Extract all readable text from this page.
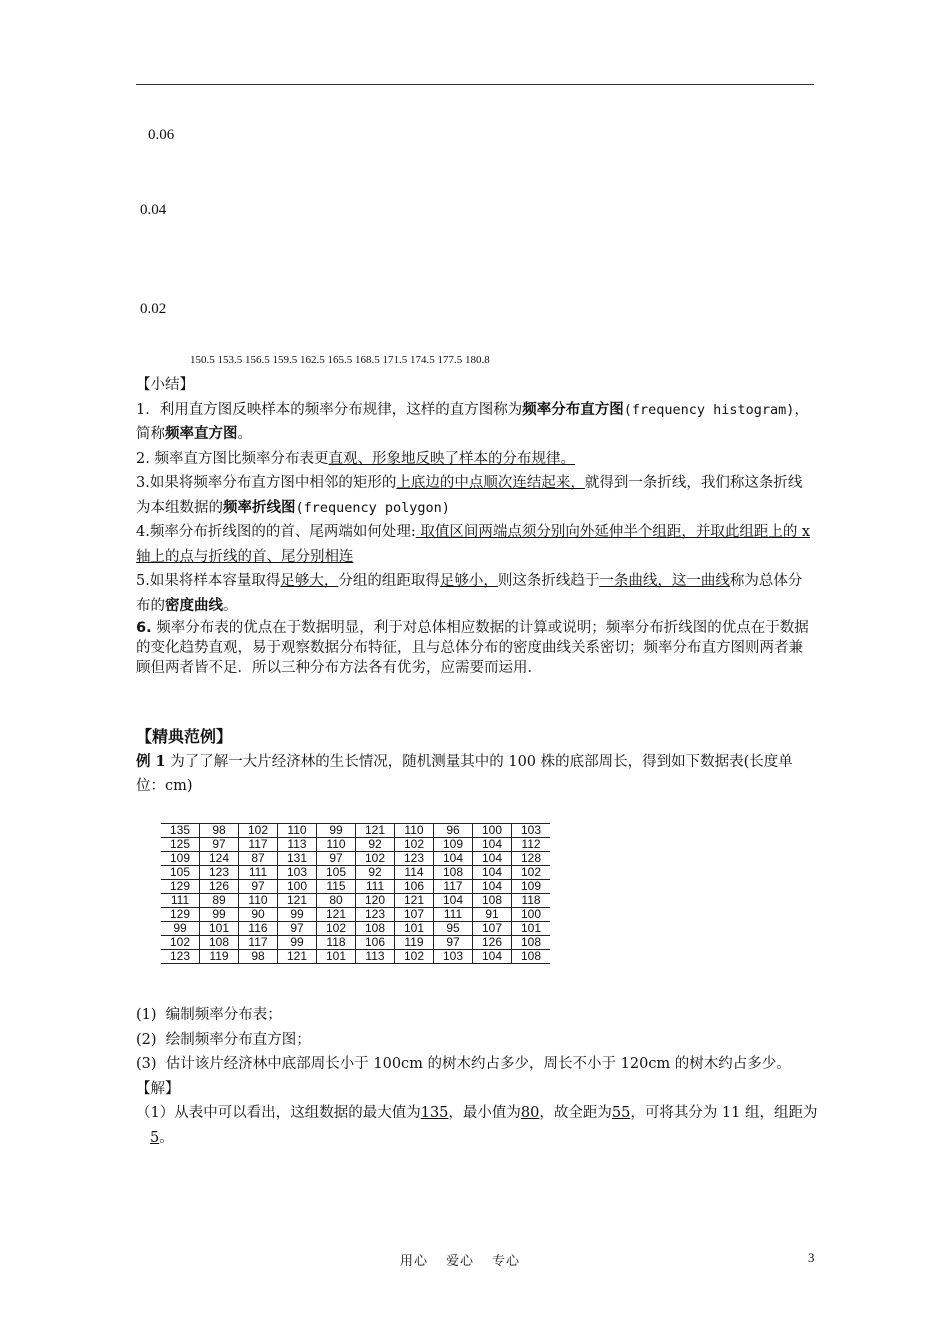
0.06
0.04
0.02
150.5 153.5 156.5 159.5 162.5 165.5 168.5 171.5 174.5 177.5 180.8

【小结】

1．利用直方图反映样本的频率分布规律，这样的直方图称为频率分布直方图(frequency histogram)，简称频率直方图。

2. 频率直方图比频率分布表更直观、形象地反映了样本的分布规律。

3.如果将频率分布直方图中相邻的矩形的上底边的中点顺次连结起来，就得到一条折线，我们称这条折线为本组数据的频率折线图(frequency polygon)

4.频率分布折线图的的首、尾两端如何处理: 取值区间两端点须分别向外延伸半个组距，并取此组距上的 x 轴上的点与折线的首、尾分别相连

5.如果将样本容量取得足够大，分组的组距取得足够小，则这条折线趋于一条曲线，这一曲线称为总体分布的密度曲线。

6. 频率分布表的优点在于数据明显，利于对总体相应数据的计算或说明；频率分布折线图的优点在于数据的变化趋势直观，易于观察数据分布特征，且与总体分布的密度曲线关系密切；频率分布直方图则两者兼顾但两者皆不足．所以三种分布方法各有优劣，应需要而运用．

【精典范例】

例 1 为了了解一大片经济林的生长情况，随机测量其中的 100 株的底部周长，得到如下数据表(长度单位：cm)

135	98	102	110	99	121	110	96	100	103
125	97	117	113	110	92	102	109	104	112
109	124	87	131	97	102	123	104	104	128
105	123	111	103	105	92	114	108	104	102
129	126	97	100	115	111	106	117	104	109
111	89	110	121	80	120	121	104	108	118
129	99	90	99	121	123	107	111	91	100
99	101	116	97	102	108	101	95	107	101
102	108	117	99	118	106	119	97	126	108
123	119	98	121	101	113	102	103	104	108
(1) 编制频率分布表；
(2) 绘制频率分布直方图；
(3) 估计该片经济林中底部周长小于 100cm 的树木约占多少，周长不小于 120cm 的树木约占多少。
【解】
（1）从表中可以看出，这组数据的最大值为135，最小值为80，故全距为55，可将其分为 11 组，组距为5。
用心 爱心 专心	3
